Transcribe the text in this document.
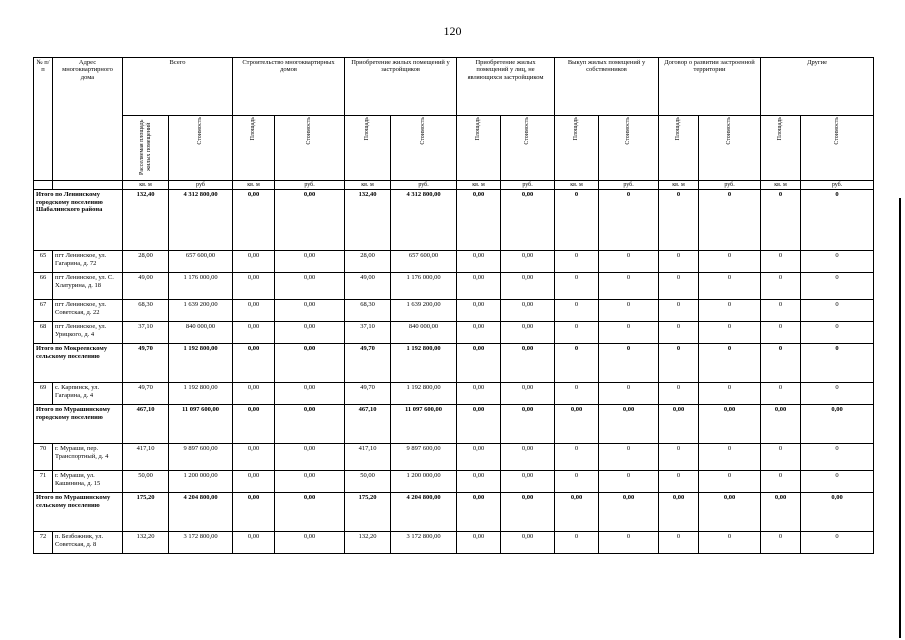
120
№ п/п	Адрес многоквартирного дома	Всего		Строительство многоквартирных домов		Приобретение жилых помещений у застройщиков		Приобретение жилых помещений у лиц, не являющихся застройщиком		Выкуп жилых помещений у собственников		Договор о развитии застроенной территории		Другие	
		Расселяемая площадь жилых помещений	Стоимость	Площадь	Стоимость	Площадь	Стоимость	Площадь	Стоимость	Площадь	Стоимость	Площадь	Стоимость	Площадь	Стоимость
		кв. м	руб	кв. м	руб.	кв. м	руб.	кв. м	руб.	кв. м	руб.	кв. м	руб.	кв. м	руб.
Итого по Ленинскому городскому поселению Шабалинского района		132,40	4 312 800,00	0,00	0,00	132,40	4 312 800,00	0,00	0,00	0	0	0	0	0	0
65	пгт Ленинское, ул. Гагарина, д. 72	28,00	657 600,00	0,00	0,00	28,00	657 600,00	0,00	0,00	0	0	0	0	0	0
66	пгт Ленинское, ул. С. Хлатурина, д. 18	49,00	1 176 000,00	0,00	0,00	49,00	1 176 000,00	0,00	0,00	0	0	0	0	0	0
67	пгт Ленинское, ул. Советская, д. 22	68,30	1 639 200,00	0,00	0,00	68,30	1 639 200,00	0,00	0,00	0	0	0	0	0	0
68	пгт Ленинское, ул. Урицкого, д. 4	37,10	840 000,00	0,00	0,00	37,10	840 000,00	0,00	0,00	0	0	0	0	0	0
Итого по Мокреевскому сельскому поселению		49,70	1 192 800,00	0,00	0,00	49,70	1 192 800,00	0,00	0,00	0	0	0	0	0	0
69	с. Карпинск, ул. Гагарина, д. 4	49,70	1 192 800,00	0,00	0,00	49,70	1 192 800,00	0,00	0,00	0	0	0	0	0	0
Итого по Мурашинскому городскому поселению		467,10	11 097 600,00	0,00	0,00	467,10	11 097 600,00	0,00	0,00	0,00	0,00	0,00	0,00	0,00	0,00
70	г. Мураши, пер. Транспортный, д. 4	417,10	9 897 600,00	0,00	0,00	417,10	9 897 600,00	0,00	0,00	0	0	0	0	0	0
71	г. Мураши, ул. Кашинина, д. 15	50,00	1 200 000,00	0,00	0,00	50,00	1 200 000,00	0,00	0,00	0	0	0	0	0	0
Итого по Мурашинскому сельскому поселению		175,20	4 204 800,00	0,00	0,00	175,20	4 204 800,00	0,00	0,00	0,00	0,00	0,00	0,00	0,00	0,00
72	п. Безбожник, ул. Советская, д. 8	132,20	3 172 800,00	0,00	0,00	132,20	3 172 800,00	0,00	0,00	0	0	0	0	0	0
